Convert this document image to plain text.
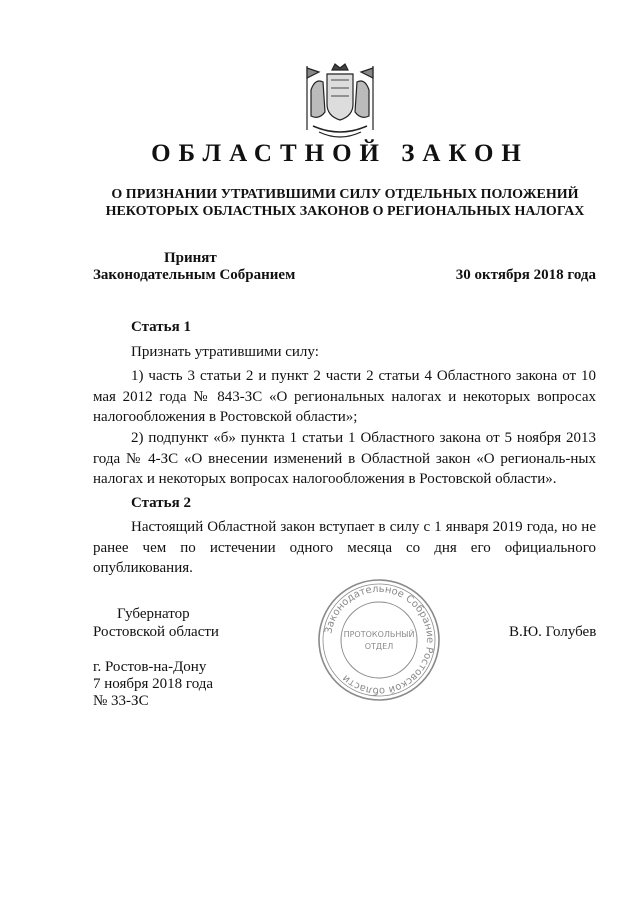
ОБЛАСТНОЙ ЗАКОН
О ПРИЗНАНИИ УТРАТИВШИМИ СИЛУ ОТДЕЛЬНЫХ ПОЛОЖЕНИЙ
НЕКОТОРЫХ ОБЛАСТНЫХ ЗАКОНОВ О РЕГИОНАЛЬНЫХ НАЛОГАХ
Принят
Законодательным Собранием	30 октября 2018 года
Статья 1
Признать утратившими силу:
1) часть 3 статьи 2 и пункт 2 части 2 статьи 4 Областного закона от 10 мая 2012 года № 843-ЗС «О региональных налогах и некоторых вопросах налогообложения в Ростовской области»;
2) подпункт «б» пункта 1 статьи 1 Областного закона от 5 ноября 2013 года № 4-ЗС «О внесении изменений в Областной закон «О региональ-ных налогах и некоторых вопросах налогообложения в Ростовской области».
Статья 2
Настоящий Областной закон вступает в силу с 1 января 2019 года, но не ранее чем по истечении одного месяца со дня его официального опубликования.
Губернатор
Ростовской области	В.Ю. Голубев
г. Ростов-на-Дону
7 ноября 2018 года
№ 33-ЗС
Законодательное Собрание Ростовской области
ПРОТОКОЛЬНЫЙ
ОТДЕЛ
